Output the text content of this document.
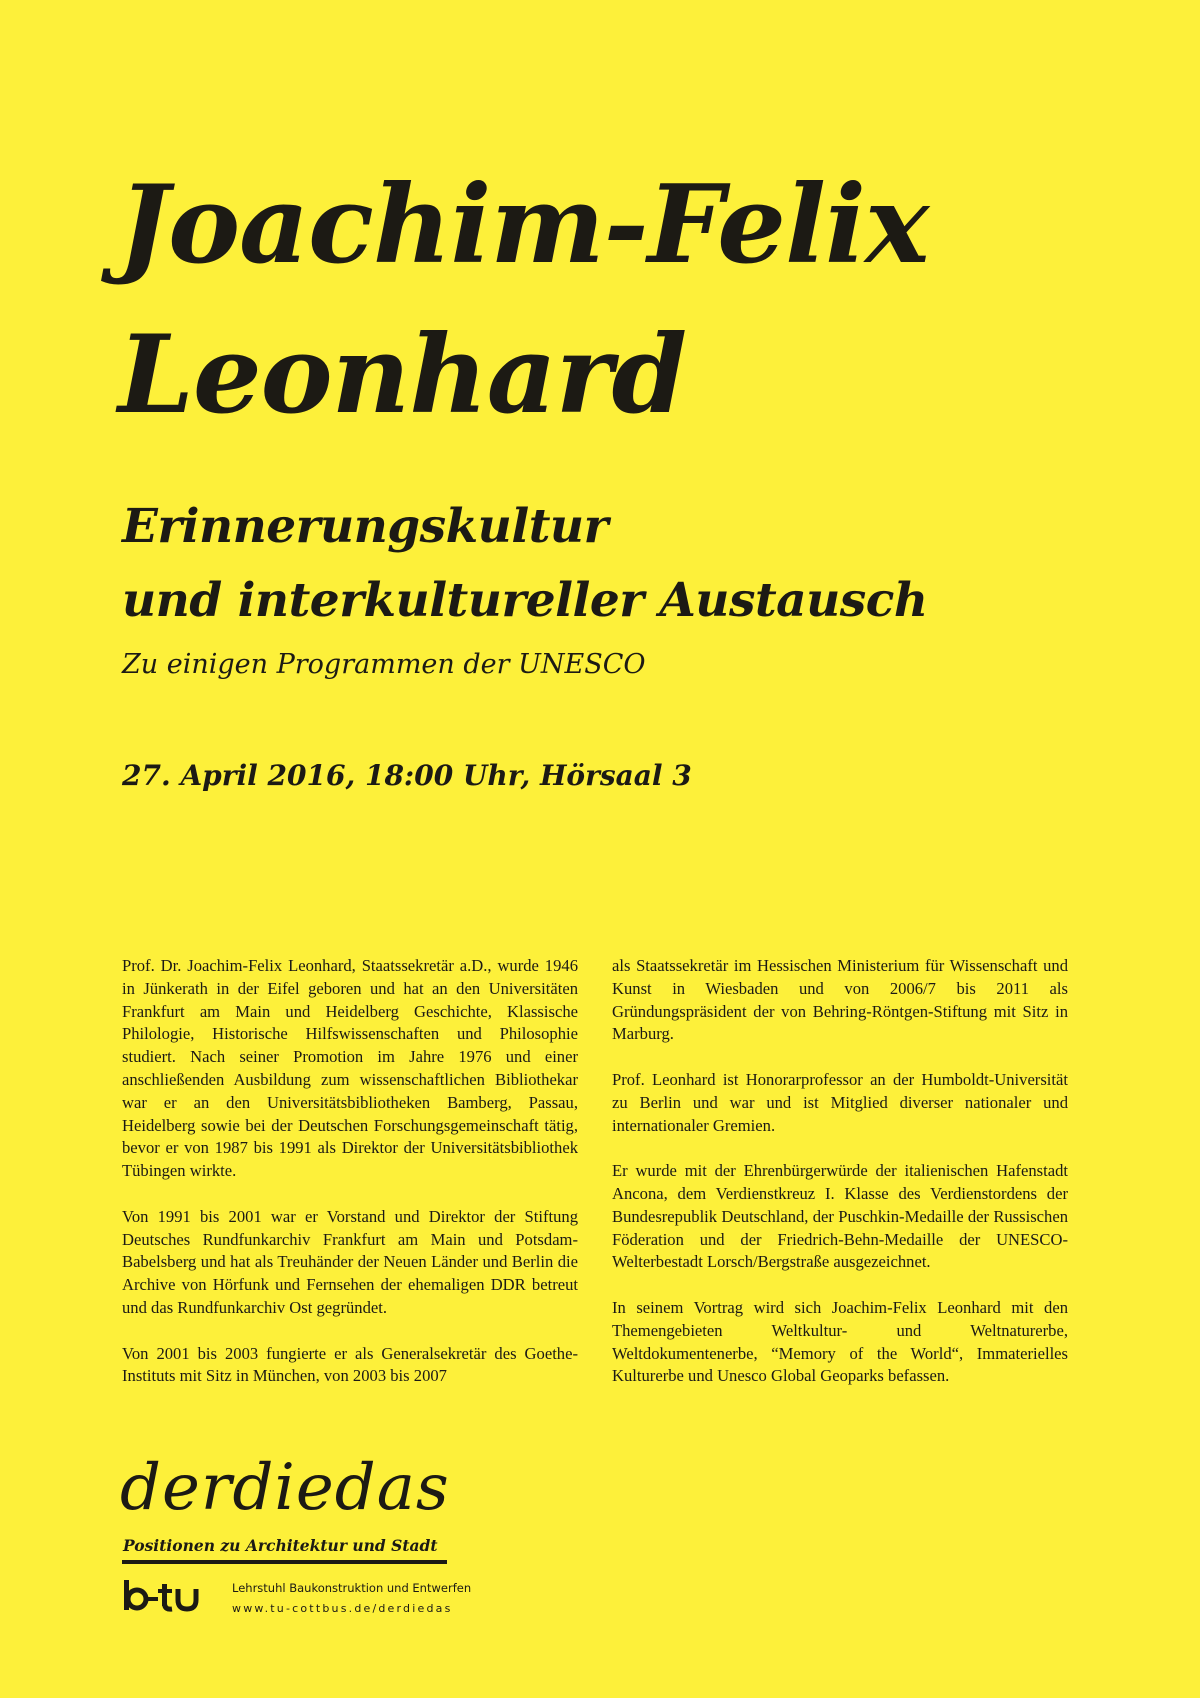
Joachim-Felix
Leonhard
Erinnerungskultur
und interkultureller Austausch
Zu einigen Programmen der UNESCO
27. April 2016, 18:00 Uhr, Hörsaal 3

Prof. Dr. Joachim-Felix Leonhard, Staatssekretär a.D., wurde 1946 in Jünkerath in der Eifel geboren und hat an den Universitäten Frankfurt am Main und Heidelberg Geschichte, Klassische Philologie, Historische Hilfswissenschaften und Philosophie studiert. Nach seiner Promotion im Jahre 1976 und einer anschließenden Ausbildung zum wissenschaftlichen Bibliothekar war er an den Universitätsbibliotheken Bamberg, Passau, Heidelberg sowie bei der Deutschen Forschungsgemeinschaft tätig, bevor er von 1987 bis 1991 als Direktor der Universitätsbibliothek Tübingen wirkte.

Von 1991 bis 2001 war er Vorstand und Direktor der Stiftung Deutsches Rundfunkarchiv Frankfurt am Main und Potsdam-Babelsberg und hat als Treuhänder der Neuen Länder und Berlin die Archive von Hörfunk und Fernsehen der ehemaligen DDR betreut und das Rundfunkarchiv Ost gegründet.

Von 2001 bis 2003 fungierte er als Generalsekretär des Goethe-Instituts mit Sitz in München, von 2003 bis 2007

als Staatssekretär im Hessischen Ministerium für Wissenschaft und Kunst in Wiesbaden und von 2006/7 bis 2011 als Gründungspräsident der von Behring-Röntgen-Stiftung mit Sitz in Marburg.

Prof. Leonhard ist Honorarprofessor an der Humboldt-Universität zu Berlin und war und ist Mitglied diverser nationaler und internationaler Gremien.

Er wurde mit der Ehrenbürgerwürde der italienischen Hafenstadt Ancona, dem Verdienstkreuz I. Klasse des Verdienstordens der Bundesrepublik Deutschland, der Puschkin-Medaille der Russischen Föderation und der Friedrich-Behn-Medaille der UNESCO-Welterbestadt Lorsch/Bergstraße ausgezeichnet.

In seinem Vortrag wird sich Joachim-Felix Leonhard mit den Themengebieten Weltkultur- und Weltnaturerbe, Weltdokumentenerbe, “Memory of the World“, Immaterielles Kulturerbe und Unesco Global Geoparks befassen.

derdiedas
Positionen zu Architektur und Stadt
Lehrstuhl Baukonstruktion und Entwerfen
www.tu-cottbus.de/derdiedas
